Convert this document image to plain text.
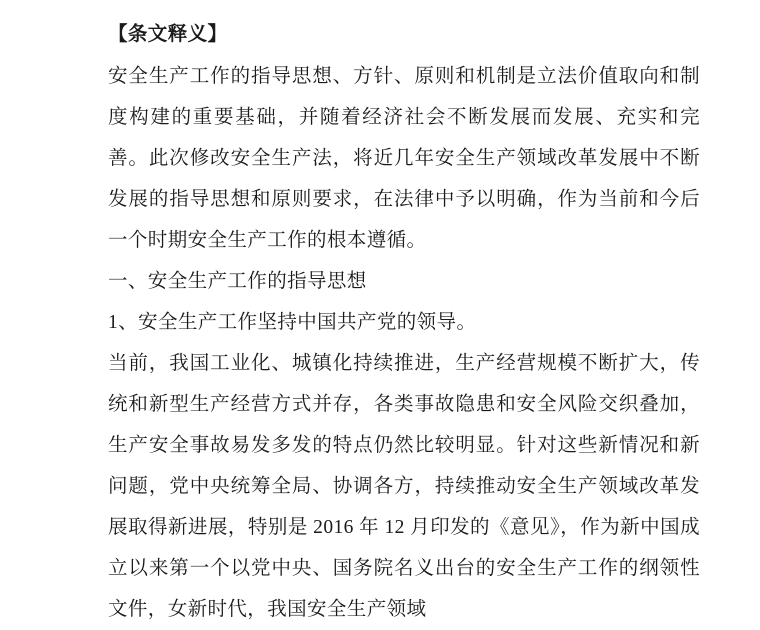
【条文释义】

安全生产工作的指导思想、方针、原则和机制是立法价值取向和制度构建的重要基础，并随着经济社会不断发展而发展、充实和完善。此次修改安全生产法，将近几年安全生产领域改革发展中不断发展的指导思想和原则要求，在法律中予以明确，作为当前和今后一个时期安全生产工作的根本遵循。

一、安全生产工作的指导思想

1、安全生产工作坚持中国共产党的领导。

当前，我国工业化、城镇化持续推进，生产经营规模不断扩大，传统和新型生产经营方式并存，各类事故隐患和安全风险交织叠加，生产安全事故易发多发的特点仍然比较明显。针对这些新情况和新问题，党中央统筹全局、协调各方，持续推动安全生产领域改革发展取得新进展，特别是 2016 年 12 月印发的《意见》，作为新中国成立以来第一个以党中央、国务院名义出台的安全生产工作的纲领性文件，女新时代，我国安全生产领域
